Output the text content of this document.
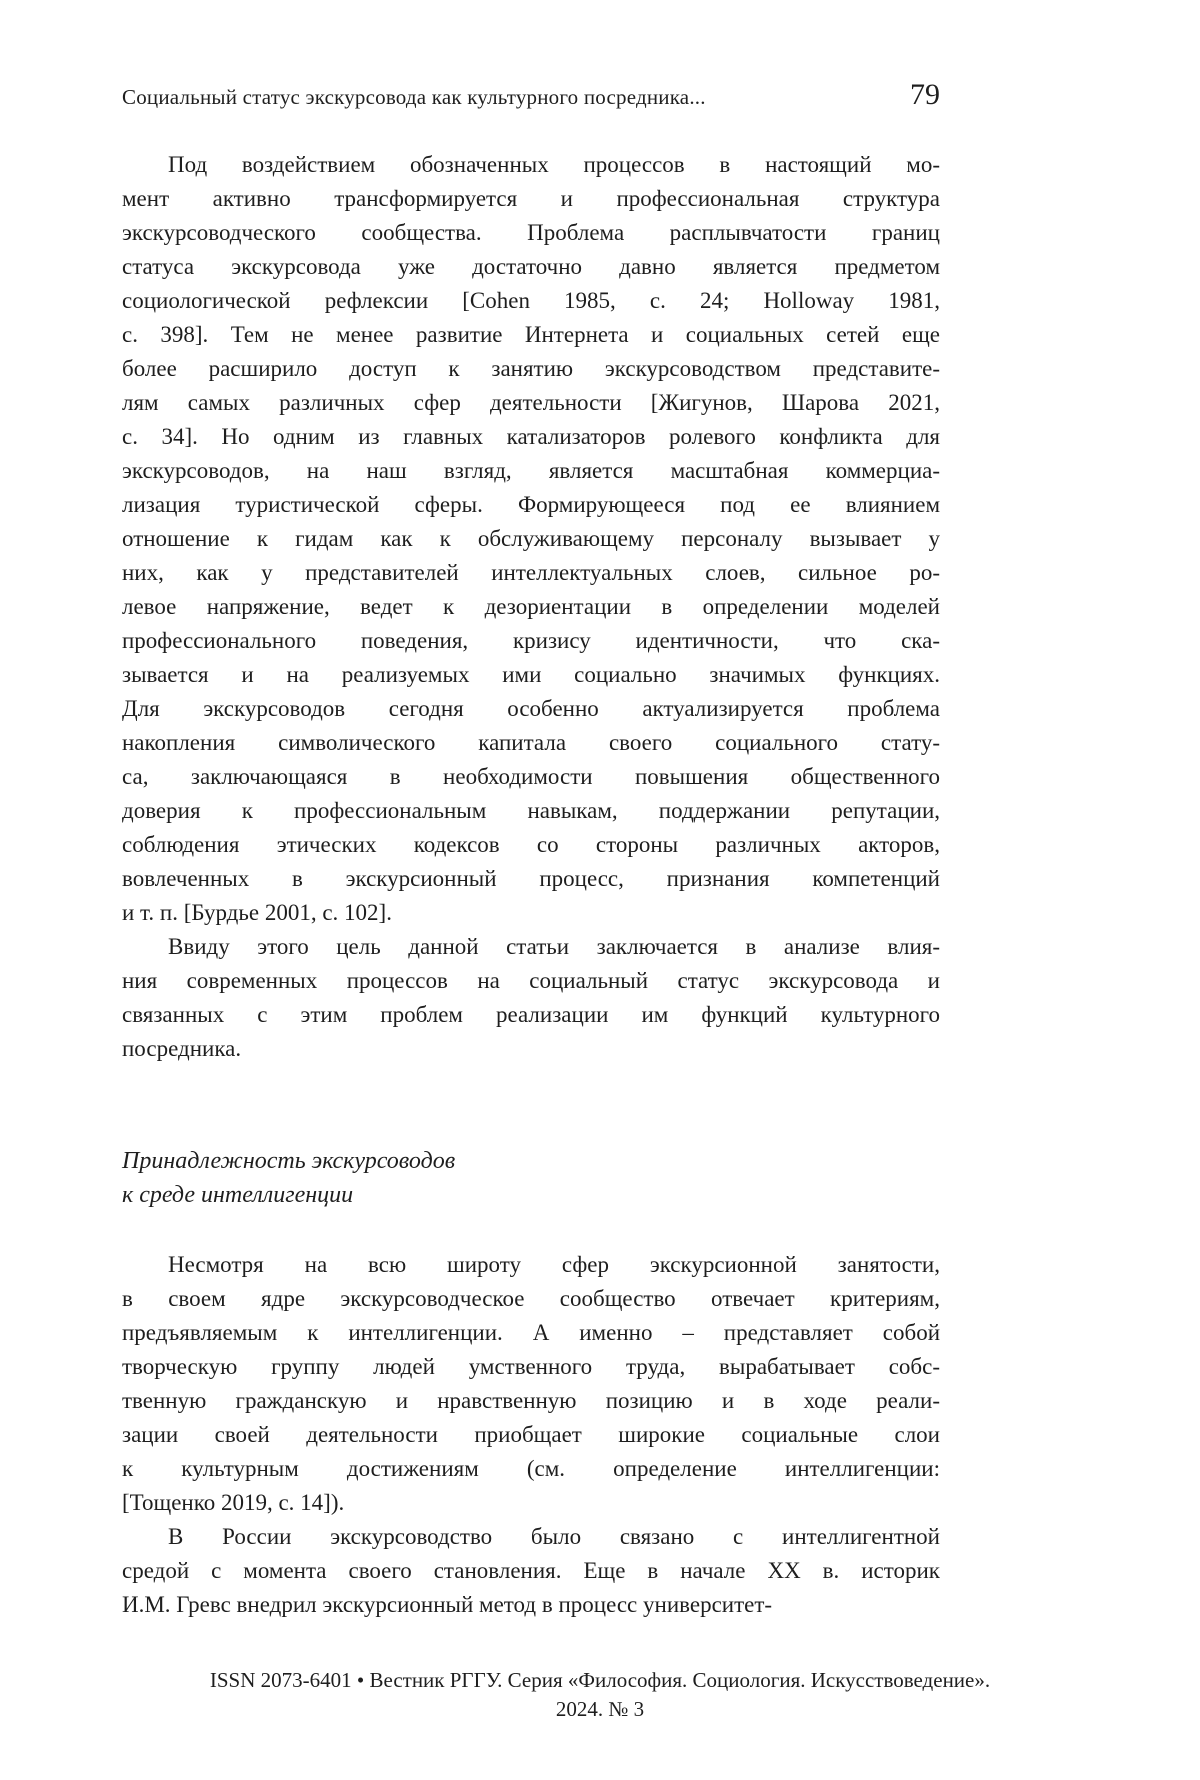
Социальный статус экскурсовода как культурного посредника...	79
Под воздействием обозначенных процессов в настоящий мо-
мент активно трансформируется и профессиональная структура
экскурсоводческого сообщества. Проблема расплывчатости границ
статуса экскурсовода уже достаточно давно является предметом
социологической рефлексии [Cohen 1985, с. 24; Holloway 1981,
с. 398]. Тем не менее развитие Интернета и социальных сетей еще
более расширило доступ к занятию экскурсоводством представите-
лям самых различных сфер деятельности [Жигунов, Шарова 2021,
с. 34]. Но одним из главных катализаторов ролевого конфликта для
экскурсоводов, на наш взгляд, является масштабная коммерциа-
лизация туристической сферы. Формирующееся под ее влиянием
отношение к гидам как к обслуживающему персоналу вызывает у
них, как у представителей интеллектуальных слоев, сильное ро-
левое напряжение, ведет к дезориентации в определении моделей
профессионального поведения, кризису идентичности, что ска-
зывается и на реализуемых ими социально значимых функциях.
Для экскурсоводов сегодня особенно актуализируется проблема
накопления символического капитала своего социального стату-
са, заключающаяся в необходимости повышения общественного
доверия к профессиональным навыкам, поддержании репутации,
соблюдения этических кодексов со стороны различных акторов,
вовлеченных в экскурсионный процесс, признания компетенций
и т. п. [Бурдье 2001, с. 102].
Ввиду этого цель данной статьи заключается в анализе влия-
ния современных процессов на социальный статус экскурсовода и
связанных с этим проблем реализации им функций культурного
посредника.
Принадлежность экскурсоводов
к среде интеллигенции
Несмотря на всю широту сфер экскурсионной занятости,
в своем ядре экскурсоводческое сообщество отвечает критериям,
предъявляемым к интеллигенции. А именно – представляет собой
творческую группу людей умственного труда, вырабатывает собс-
твенную гражданскую и нравственную позицию и в ходе реали-
зации своей деятельности приобщает широкие социальные слои
к культурным достижениям (см. определение интеллигенции:
[Тощенко 2019, с. 14]).
В России экскурсоводство было связано с интеллигентной
средой с момента своего становления. Еще в начале XX в. историк
И.М. Гревс внедрил экскурсионный метод в процесс университет-
ISSN 2073-6401 • Вестник РГГУ. Серия «Философия. Социология. Искусствоведение».
2024. № 3
